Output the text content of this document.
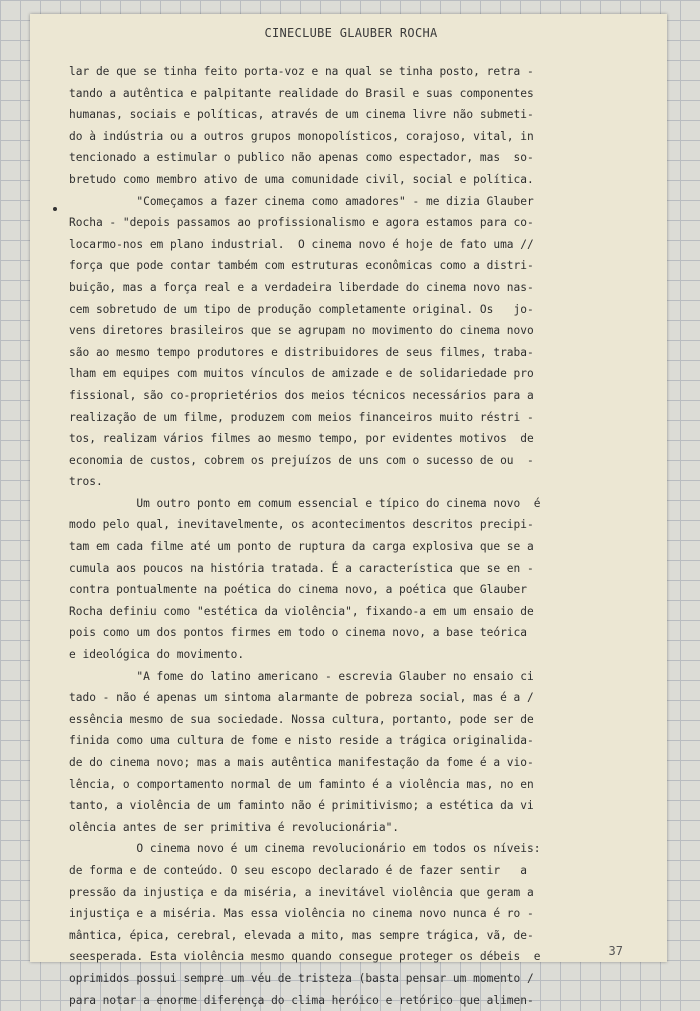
CINECLUBE GLAUBER ROCHA
lar de que se tinha feito porta-voz e na qual se tinha posto, retra -
tando a autêntica e palpitante realidade do Brasil e suas componentes
humanas, sociais e políticas, através de um cinema livre não submeti-
do à indústria ou a outros grupos monopolísticos, corajoso, vital, in
tencionado a estimular o publico não apenas como espectador, mas  so-
bretudo como membro ativo de uma comunidade civil, social e política.
"Começamos a fazer cinema como amadores" - me dizia Glauber
Rocha - "depois passamos ao profissionalismo e agora estamos para co-
locarmo-nos em plano industrial.  O cinema novo é hoje de fato uma //
força que pode contar também com estruturas econômicas como a distri-
buição, mas a força real e a verdadeira liberdade do cinema novo nas-
cem sobretudo de um tipo de produção completamente original. Os   jo-
vens diretores brasileiros que se agrupam no movimento do cinema novo
são ao mesmo tempo produtores e distribuidores de seus filmes, traba-
lham em equipes com muitos vínculos de amizade e de solidariedade pro
fissional, são co-proprietérios dos meios técnicos necessários para a
realização de um filme, produzem com meios financeiros muito réstri -
tos, realizam vários filmes ao mesmo tempo, por evidentes motivos  de
economia de custos, cobrem os prejuízos de uns com o sucesso de ou  -
tros.
Um outro ponto em comum essencial e típico do cinema novo  é
modo pelo qual, inevitavelmente, os acontecimentos descritos precipi-
tam em cada filme até um ponto de ruptura da carga explosiva que se a
cumula aos poucos na história tratada. É a característica que se en -
contra pontualmente na poética do cinema novo, a poética que Glauber
Rocha definiu como "estética da violência", fixando-a em um ensaio de
pois como um dos pontos firmes em todo o cinema novo, a base teórica
e ideológica do movimento.
"A fome do latino americano - escrevia Glauber no ensaio ci
tado - não é apenas um sintoma alarmante de pobreza social, mas é a /
essência mesmo de sua sociedade. Nossa cultura, portanto, pode ser de
finida como uma cultura de fome e nisto reside a trágica originalida-
de do cinema novo; mas a mais autêntica manifestação da fome é a vio-
lência, o comportamento normal de um faminto é a violência mas, no en
tanto, a violência de um faminto não é primitivismo; a estética da vi
olência antes de ser primitiva é revolucionária".
O cinema novo é um cinema revolucionário em todos os níveis:
de forma e de conteúdo. O seu escopo declarado é de fazer sentir   a
pressão da injustiça e da miséria, a inevitável violência que geram a
injustiça e a miséria. Mas essa violência no cinema novo nunca é ro -
mântica, épica, cerebral, elevada a mito, mas sempre trágica, vã, de-
seesperada. Esta violência mesmo quando consegue proteger os débeis  e
oprimidos possui sempre um véu de tristeza (basta pensar um momento /
para notar a enorme diferença do clima heróico e retórico que alimen-
37
